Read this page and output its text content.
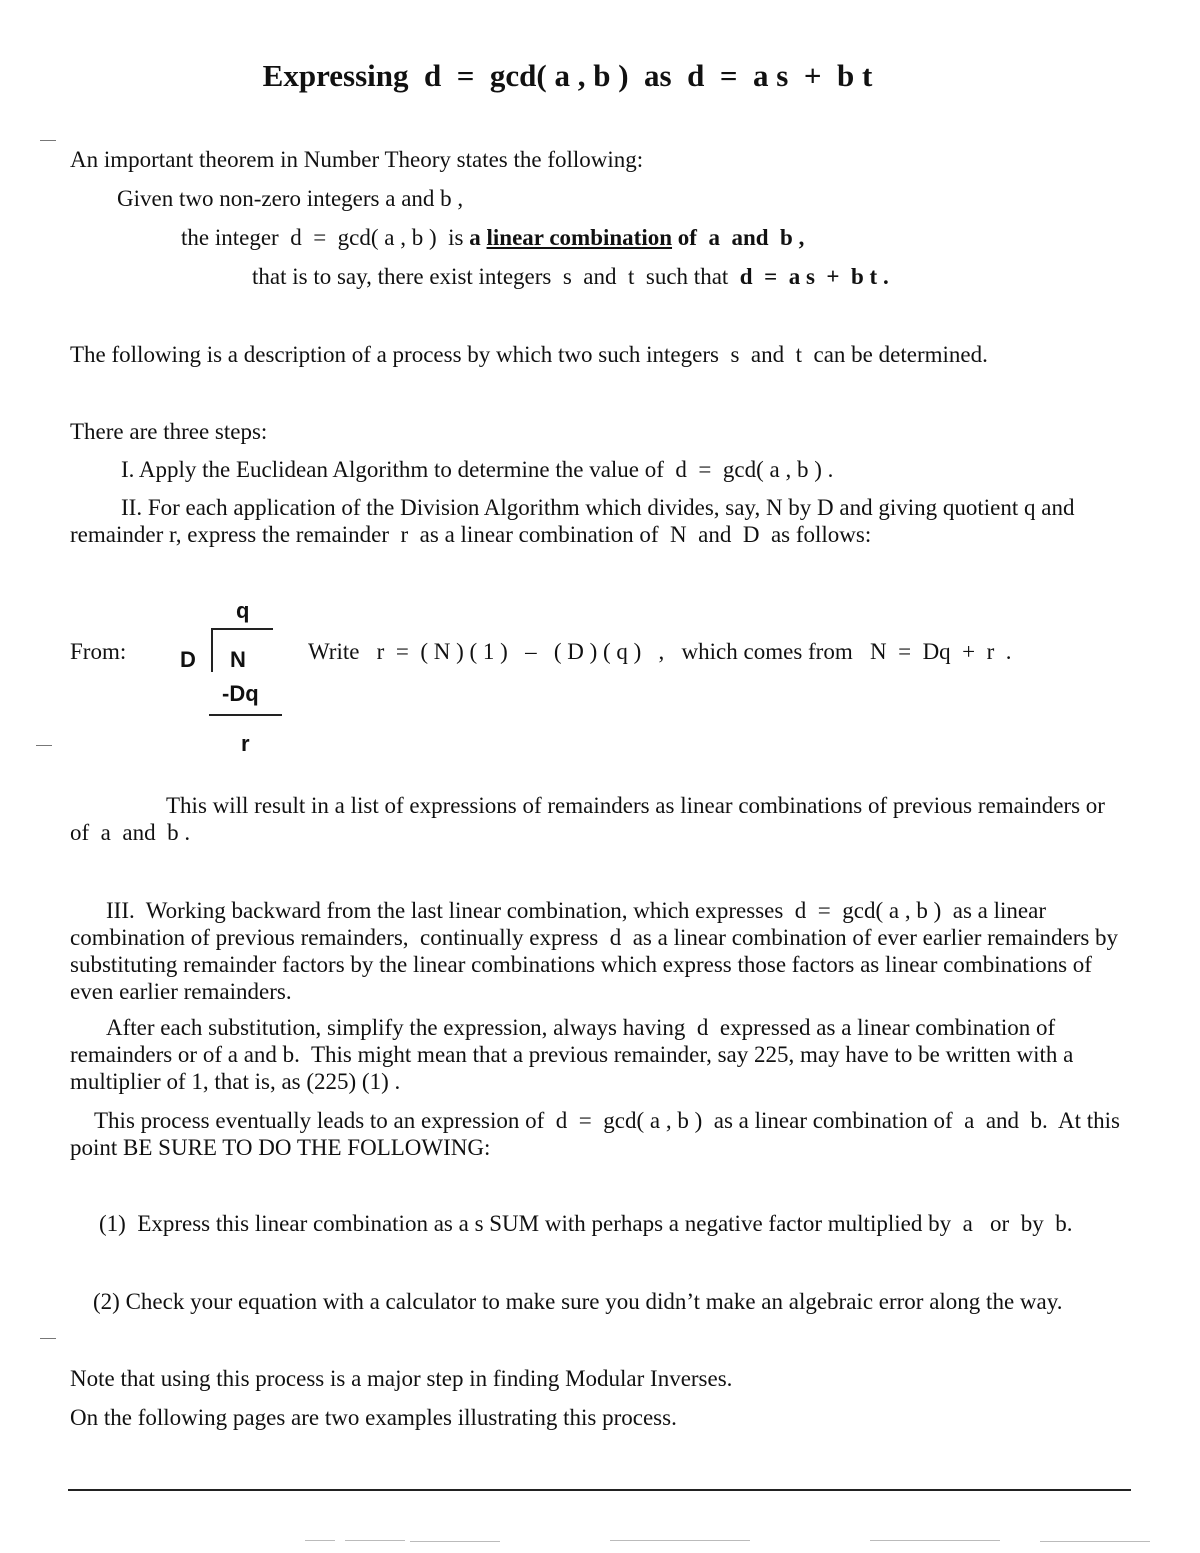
Expressing  d  =  gcd( a , b )  as  d  =  a s  +  b t

An important theorem in Number Theory states the following:

Given two non-zero integers a and b ,

the integer  d  =  gcd( a , b )  is a linear combination of  a  and  b ,

that is to say, there exist integers  s  and  t  such that  d  =  a s  +  b t .

The following is a description of a process by which two such integers  s  and  t  can be determined.

There are three steps:

I. Apply the Euclidean Algorithm to determine the value of  d  =  gcd( a , b ) .

II. For each application of the Division Algorithm which divides, say, N by D and giving quotient q and

remainder r, express the remainder  r  as a linear combination of  N  and  D  as follows:

From:

q
D N
-Dq
r

Write   r  =  ( N ) ( 1 )   –   ( D ) ( q )   ,   which comes from   N  =  Dq  +  r  .

This will result in a list of expressions of remainders as linear combinations of previous remainders or

of  a  and  b .

III.  Working backward from the last linear combination, which expresses  d  =  gcd( a , b )  as a linear combination of previous remainders,  continually express  d  as a linear combination of ever earlier remainders by substituting remainder factors by the linear combinations which express those factors as linear combinations of even earlier remainders.

After each substitution, simplify the expression, always having  d  expressed as a linear combination of remainders or of a and b.  This might mean that a previous remainder, say 225, may have to be written with a multiplier of 1, that is, as (225) (1) .

This process eventually leads to an expression of  d  =  gcd( a , b )  as a linear combination of  a  and  b.  At this point BE SURE TO DO THE FOLLOWING:

(1)  Express this linear combination as a s SUM with perhaps a negative factor multiplied by  a   or  by  b.

(2) Check your equation with a calculator to make sure you didn’t make an algebraic error along the way.

Note that using this process is a major step in finding Modular Inverses.

On the following pages are two examples illustrating this process.
